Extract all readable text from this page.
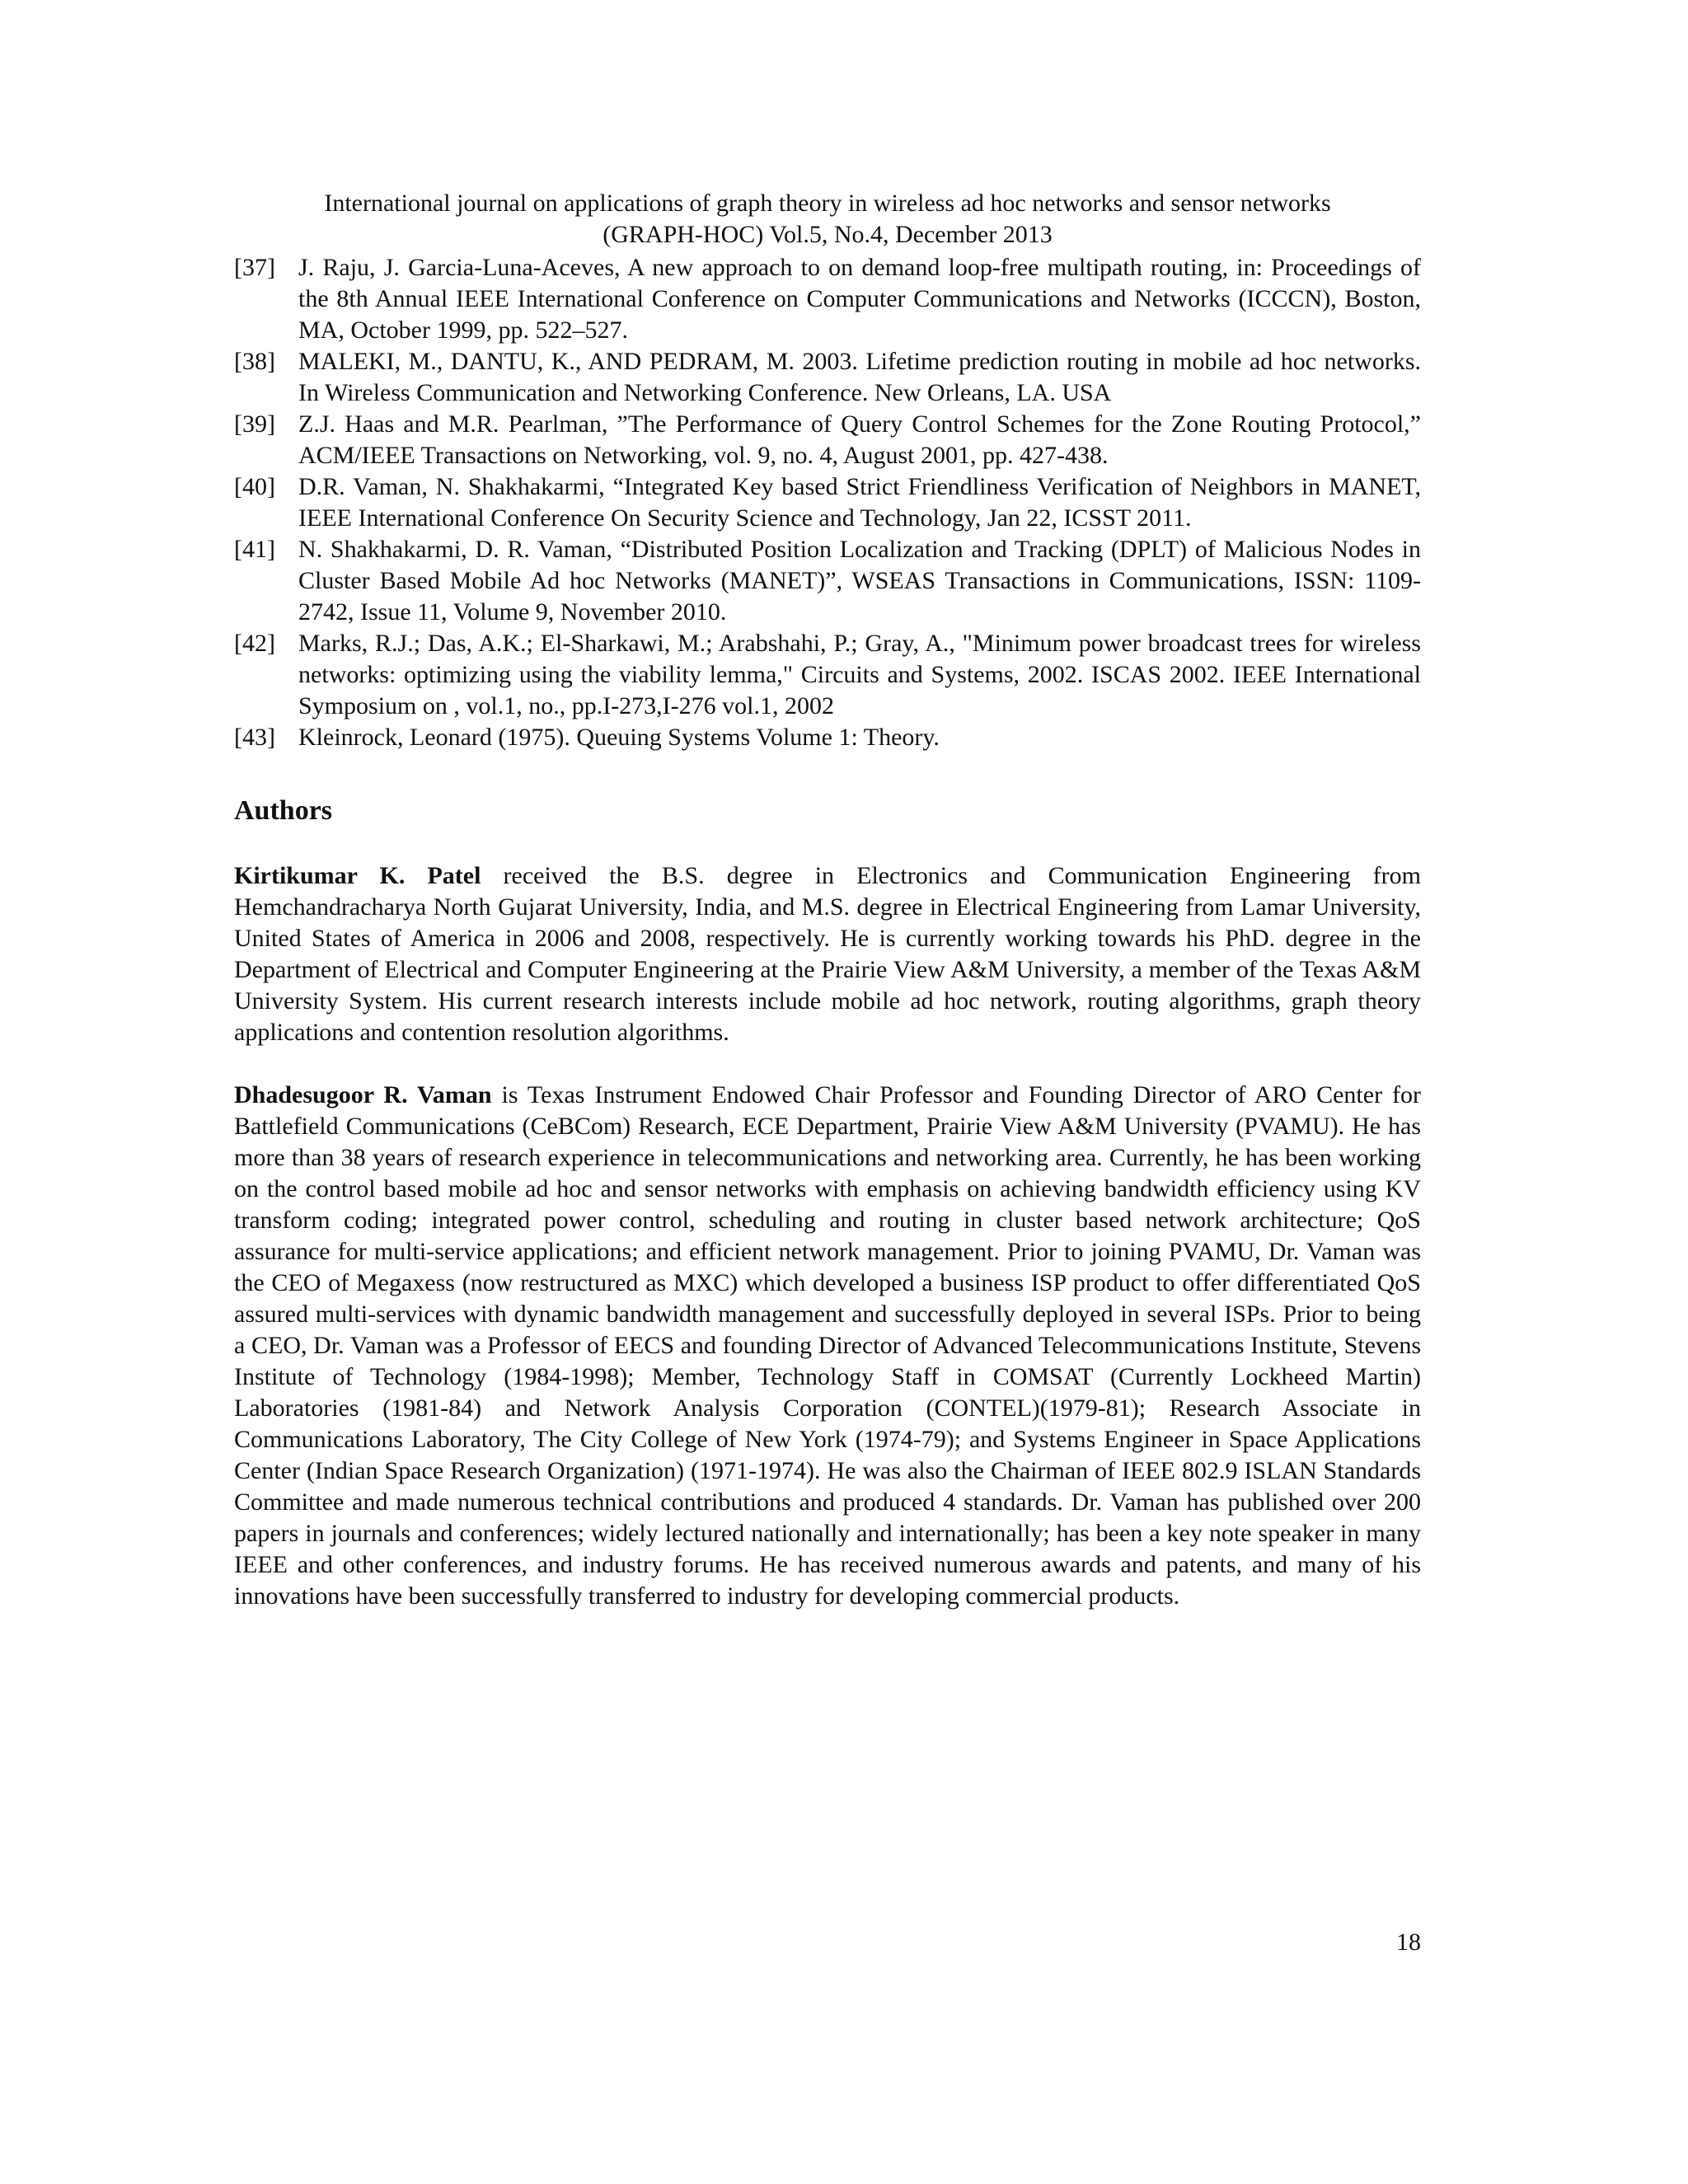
International journal on applications of graph theory in wireless ad hoc networks and sensor networks
(GRAPH-HOC) Vol.5, No.4, December 2013
[37] J. Raju, J. Garcia-Luna-Aceves, A new approach to on demand loop-free multipath routing, in: Proceedings of the 8th Annual IEEE International Conference on Computer Communications and Networks (ICCCN), Boston, MA, October 1999, pp. 522–527.
[38] MALEKI, M., DANTU, K., AND PEDRAM, M. 2003. Lifetime prediction routing in mobile ad hoc networks. In Wireless Communication and Networking Conference. New Orleans, LA. USA
[39] Z.J. Haas and M.R. Pearlman, ”The Performance of Query Control Schemes for the Zone Routing Protocol,” ACM/IEEE Transactions on Networking, vol. 9, no. 4, August 2001, pp. 427-438.
[40] D.R. Vaman, N. Shakhakarmi, “Integrated Key based Strict Friendliness Verification of Neighbors in MANET, IEEE International Conference On Security Science and Technology, Jan 22, ICSST 2011.
[41] N. Shakhakarmi, D. R. Vaman, “Distributed Position Localization and Tracking (DPLT) of Malicious Nodes in Cluster Based Mobile Ad hoc Networks (MANET)”, WSEAS Transactions in Communications, ISSN: 1109-2742, Issue 11, Volume 9, November 2010.
[42] Marks, R.J.; Das, A.K.; El-Sharkawi, M.; Arabshahi, P.; Gray, A., "Minimum power broadcast trees for wireless networks: optimizing using the viability lemma," Circuits and Systems, 2002. ISCAS 2002. IEEE International Symposium on , vol.1, no., pp.I-273,I-276 vol.1, 2002
[43] Kleinrock, Leonard (1975). Queuing Systems Volume 1: Theory.
Authors

Kirtikumar K. Patel received the B.S. degree in Electronics and Communication Engineering from Hemchandracharya North Gujarat University, India, and M.S. degree in Electrical Engineering from Lamar University, United States of America in 2006 and 2008, respectively. He is currently working towards his PhD. degree in the Department of Electrical and Computer Engineering at the Prairie View A&M University, a member of the Texas A&M University System. His current research interests include mobile ad hoc network, routing algorithms, graph theory applications and contention resolution algorithms.

Dhadesugoor R. Vaman is Texas Instrument Endowed Chair Professor and Founding Director of ARO Center for Battlefield Communications (CeBCom) Research, ECE Department, Prairie View A&M University (PVAMU). He has more than 38 years of research experience in telecommunications and networking area. Currently, he has been working on the control based mobile ad hoc and sensor networks with emphasis on achieving bandwidth efficiency using KV transform coding; integrated power control, scheduling and routing in cluster based network architecture; QoS assurance for multi-service applications; and efficient network management. Prior to joining PVAMU, Dr. Vaman was the CEO of Megaxess (now restructured as MXC) which developed a business ISP product to offer differentiated QoS assured multi-services with dynamic bandwidth management and successfully deployed in several ISPs. Prior to being a CEO, Dr. Vaman was a Professor of EECS and founding Director of Advanced Telecommunications Institute, Stevens Institute of Technology (1984-1998); Member, Technology Staff in COMSAT (Currently Lockheed Martin) Laboratories (1981-84) and Network Analysis Corporation (CONTEL)(1979-81); Research Associate in Communications Laboratory, The City College of New York (1974-79); and Systems Engineer in Space Applications Center (Indian Space Research Organization) (1971-1974). He was also the Chairman of IEEE 802.9 ISLAN Standards Committee and made numerous technical contributions and produced 4 standards. Dr. Vaman has published over 200 papers in journals and conferences; widely lectured nationally and internationally; has been a key note speaker in many IEEE and other conferences, and industry forums. He has received numerous awards and patents, and many of his innovations have been successfully transferred to industry for developing commercial products.

18
